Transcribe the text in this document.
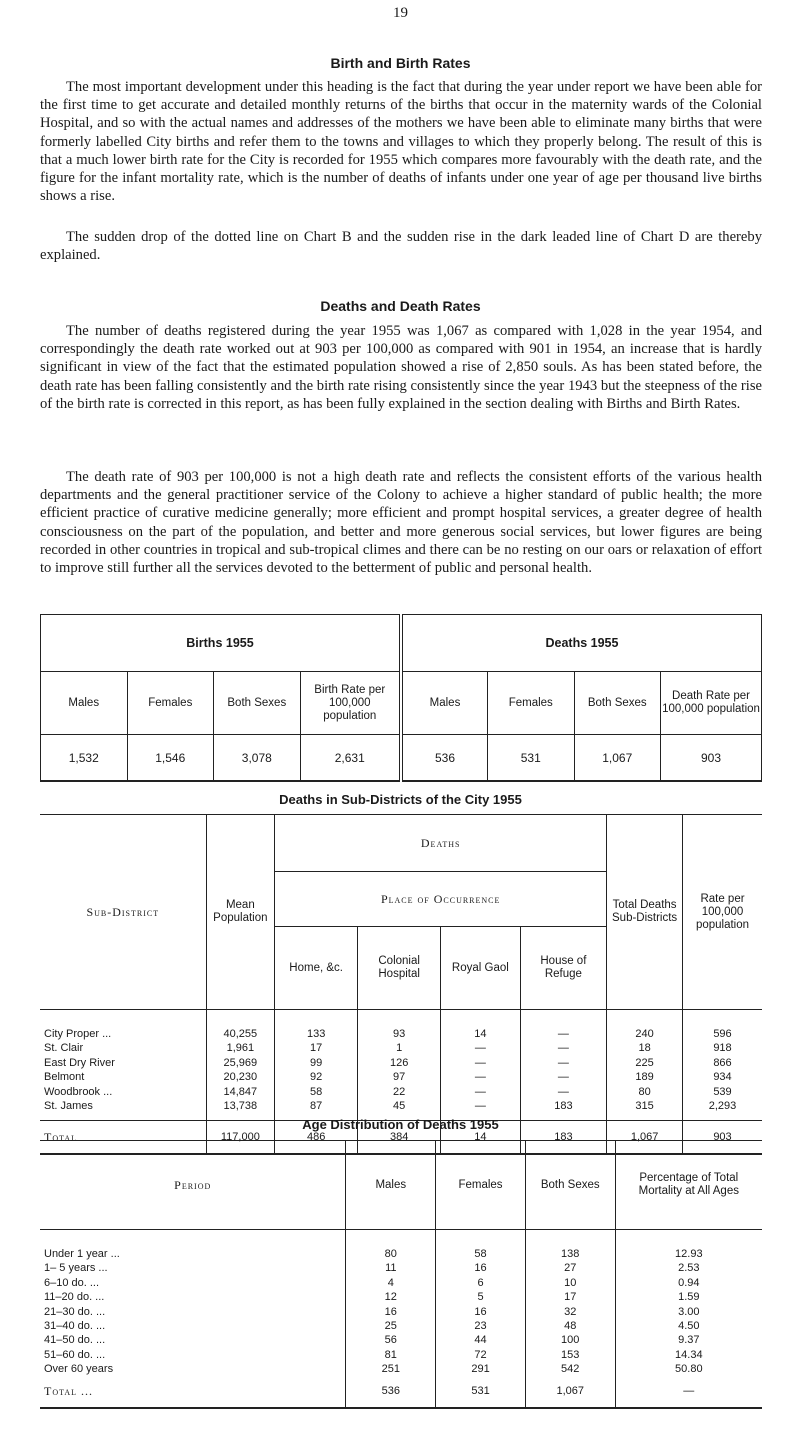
19
Birth and Birth Rates

The most important development under this heading is the fact that during the year under report we have been able for the first time to get accurate and detailed monthly returns of the births that occur in the maternity wards of the Colonial Hospital, and so with the actual names and addresses of the mothers we have been able to eliminate many births that were formerly labelled City births and refer them to the towns and villages to which they properly belong. The result of this is that a much lower birth rate for the City is recorded for 1955 which compares more favourably with the death rate, and the figure for the infant mortality rate, which is the number of deaths of infants under one year of age per thousand live births shows a rise.

The sudden drop of the dotted line on Chart B and the sudden rise in the dark leaded line of Chart D are thereby explained.

Deaths and Death Rates

The number of deaths registered during the year 1955 was 1,067 as compared with 1,028 in the year 1954, and correspondingly the death rate worked out at 903 per 100,000 as compared with 901 in 1954, an increase that is hardly significant in view of the fact that the estimated population showed a rise of 2,850 souls. As has been stated before, the death rate has been falling consistently and the birth rate rising consistently since the year 1943 but the steepness of the rise of the birth rate is corrected in this report, as has been fully explained in the section dealing with Births and Birth Rates.

The death rate of 903 per 100,000 is not a high death rate and reflects the consistent efforts of the various health departments and the general practitioner service of the Colony to achieve a higher standard of public health; the more efficient practice of curative medicine generally; more efficient and prompt hospital services, a greater degree of health consciousness on the part of the population, and better and more generous social services, but lower figures are being recorded in other countries in tropical and sub-tropical climes and there can be no resting on our oars or relaxation of effort to improve still further all the services devoted to the betterment of public and personal health.

Births 1955				Deaths 1955			
Males	Females	Both Sexes	Birth Rate per 100,000 population	Males	Females	Both Sexes	Death Rate per 100,000 population
1,532	1,546	3,078	2,631	536	531	1,067	903
Deaths in Sub-Districts of the City 1955
Sub-District	Mean Population	Deaths				Total Deaths Sub-Districts	Rate per 100,000 population
		Place of Occurrence					
		Home, &c.	Colonial Hospital	Royal Gaol	House of Refuge		
City Proper ...	40,255	133	93	14	—	240	596
St. Clair	1,961	17	1	—	—	18	918
East Dry River	25,969	99	126	—	—	225	866
Belmont	20,230	92	97	—	—	189	934
Woodbrook ...	14,847	58	22	—	—	80	539
St. James	13,738	87	45	—	183	315	2,293
Total	117,000	486	384	14	183	1,067	903
Age Distribution of Deaths 1955
Period	Males	Females	Both Sexes	Percentage of Total Mortality at All Ages
Under 1 year ...	80	58	138	12.93
1– 5 years ...	11	16	27	2.53
6–10 do. ...	4	6	10	0.94
11–20 do. ...	12	5	17	1.59
21–30 do. ...	16	16	32	3.00
31–40 do. ...	25	23	48	4.50
41–50 do. ...	56	44	100	9.37
51–60 do. ...	81	72	153	14.34
Over 60 years	251	291	542	50.80
Total ...	536	531	1,067	—
